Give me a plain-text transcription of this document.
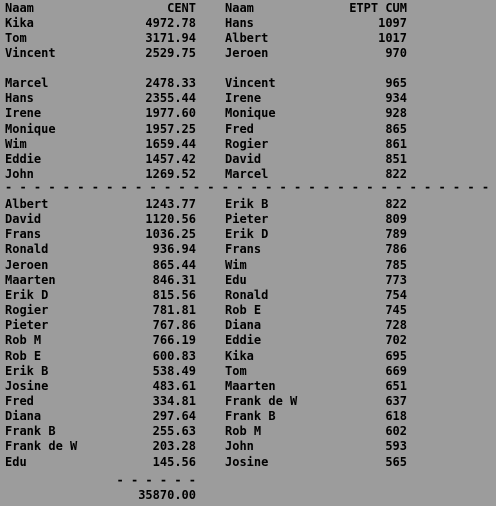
Naam	CENT Naam	ETPT CUM
- - - - - - - - - - - - - - - - - - - - - - - - - - - - - - - - - -
- - - - - -
35870.00
Kika	4972.78 Hans	1097
Tom	3171.94 Albert	1017
Vincent	2529.75 Jeroen	970
Marcel	2478.33 Vincent	965
Hans	2355.44 Irene	934
Irene	1977.60 Monique	928
Monique	1957.25 Fred	865
Wim	1659.44 Rogier	861
Eddie	1457.42 David	851
John	1269.52 Marcel	822
Albert	1243.77 Erik B	822
David	1120.56 Pieter	809
Frans	1036.25 Erik D	789
Ronald	936.94 Frans	786
Jeroen	865.44 Wim	785
Maarten	846.31 Edu	773
Erik D	815.56 Ronald	754
Rogier	781.81 Rob E	745
Pieter	767.86 Diana	728
Rob M	766.19 Eddie	702
Rob E	600.83 Kika	695
Erik B	538.49 Tom	669
Josine	483.61 Maarten	651
Fred	334.81 Frank de W	637
Diana	297.64 Frank B	618
Frank B	255.63 Rob M	602
Frank de W	203.28 John	593
Edu	145.56 Josine	565
